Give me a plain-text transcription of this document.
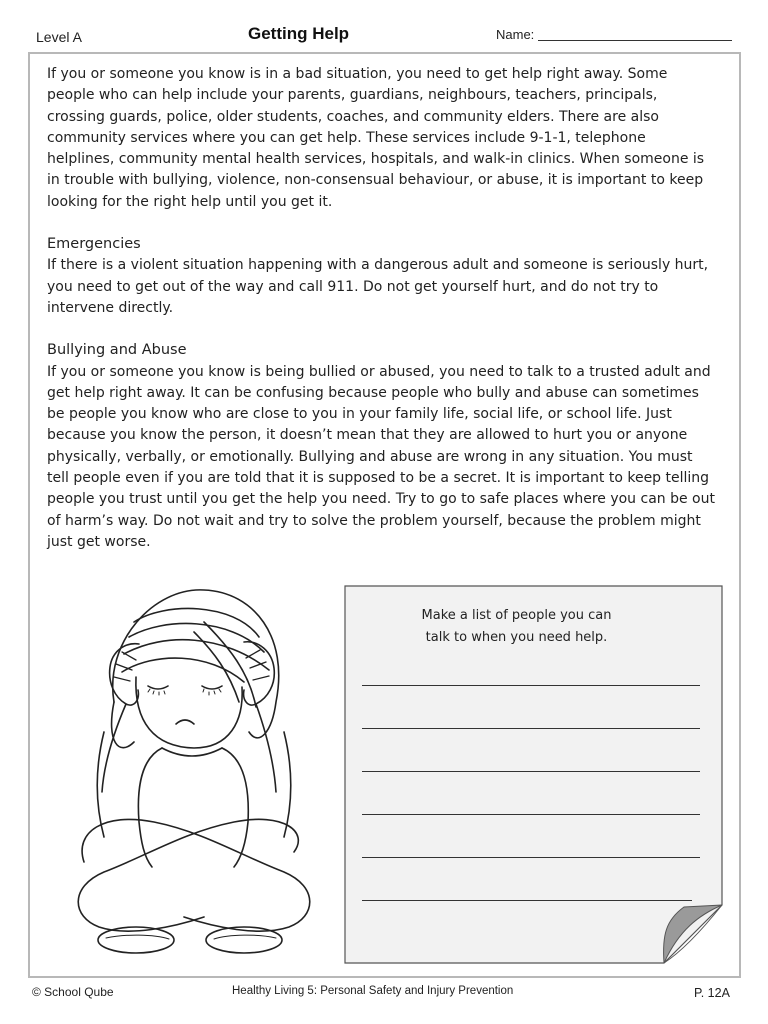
Level A	Getting Help	Name:

If you or someone you know is in a bad situation, you need to get help right away. Some people who can help include your parents, guardians, neighbours, teachers, principals, crossing guards, police, older students, coaches, and community elders. There are also community services where you can get help. These services include 9-1-1, telephone helplines, community mental health services, hospitals, and walk-in clinics. When someone is in trouble with bullying, violence, non-consensual behaviour, or abuse, it is important to keep looking for the right help until you get it.

Emergencies

If there is a violent situation happening with a dangerous adult and someone is seriously hurt, you need to get out of the way and call 911. Do not get yourself hurt, and do not try to intervene directly.

Bullying and Abuse

If you or someone you know is being bullied or abused, you need to talk to a trusted adult and get help right away. It can be confusing because people who bully and abuse can sometimes be people you know who are close to you in your family life, social life, or school life. Just because you know the person, it doesn’t mean that they are allowed to hurt you or anyone physically, verbally, or emotionally. Bullying and abuse are wrong in any situation. You must tell people even if you are told that it is supposed to be a secret. It is important to keep telling people you trust until you get the help you need. Try to go to safe places where you can be out of harm’s way. Do not wait and try to solve the problem yourself, because the problem might just get worse.

Make a list of people you can
talk to when you need help.
© School Qube	Healthy Living 5: Personal Safety and Injury Prevention	P. 12A
